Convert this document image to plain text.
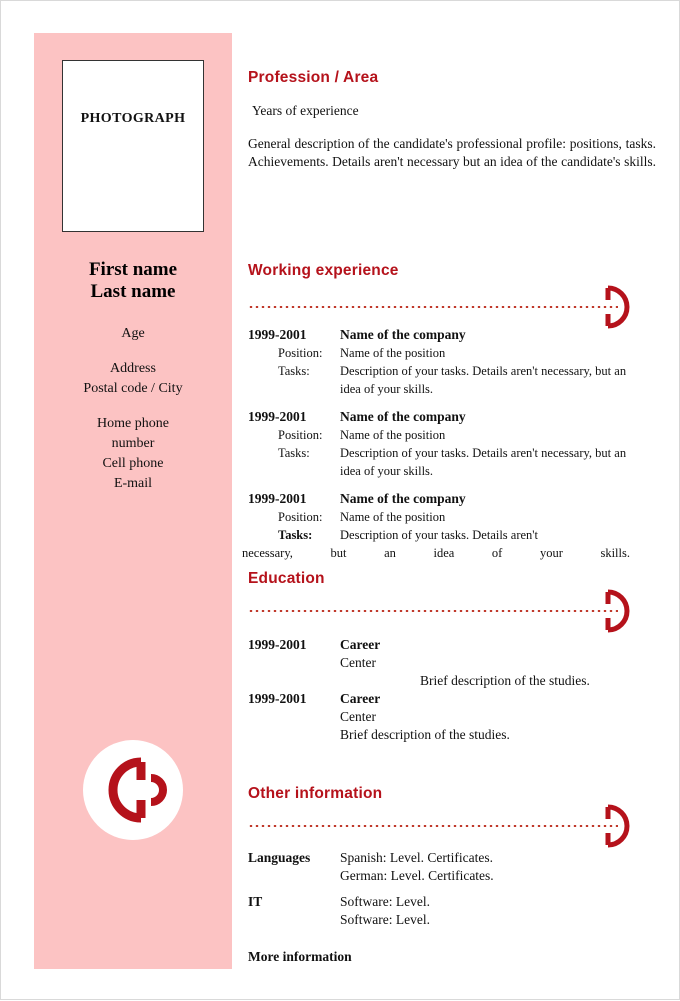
PHOTOGRAPH
First name
Last name
Age
Address
Postal code / City
Home phone
number
Cell phone
E-mail
Profession / Area
Years of experience
General description of the candidate's professional profile: positions, tasks. Achievements. Details aren't necessary but an idea of the candidate's skills.
Working experience
1999-2001	Name of the company
Position:	Name of the position
Tasks:	Description of your tasks. Details aren't necessary, but an idea of your skills.
1999-2001	Name of the company
Position:	Name of the position
Tasks:	Description of your tasks. Details aren't necessary, but an idea of your skills.
1999-2001	Name of the company
Position:	Name of the position
Tasks:	Description of your tasks. Details aren't
necessary, but an idea of your skills.
Education
1999-2001	Career
Center
Brief description of the studies.
1999-2001	Career
Center
Brief description of the studies.
Other information
Languages	Spanish: Level. Certificates.
German: Level. Certificates.
IT	Software: Level.
Software: Level.
More information
